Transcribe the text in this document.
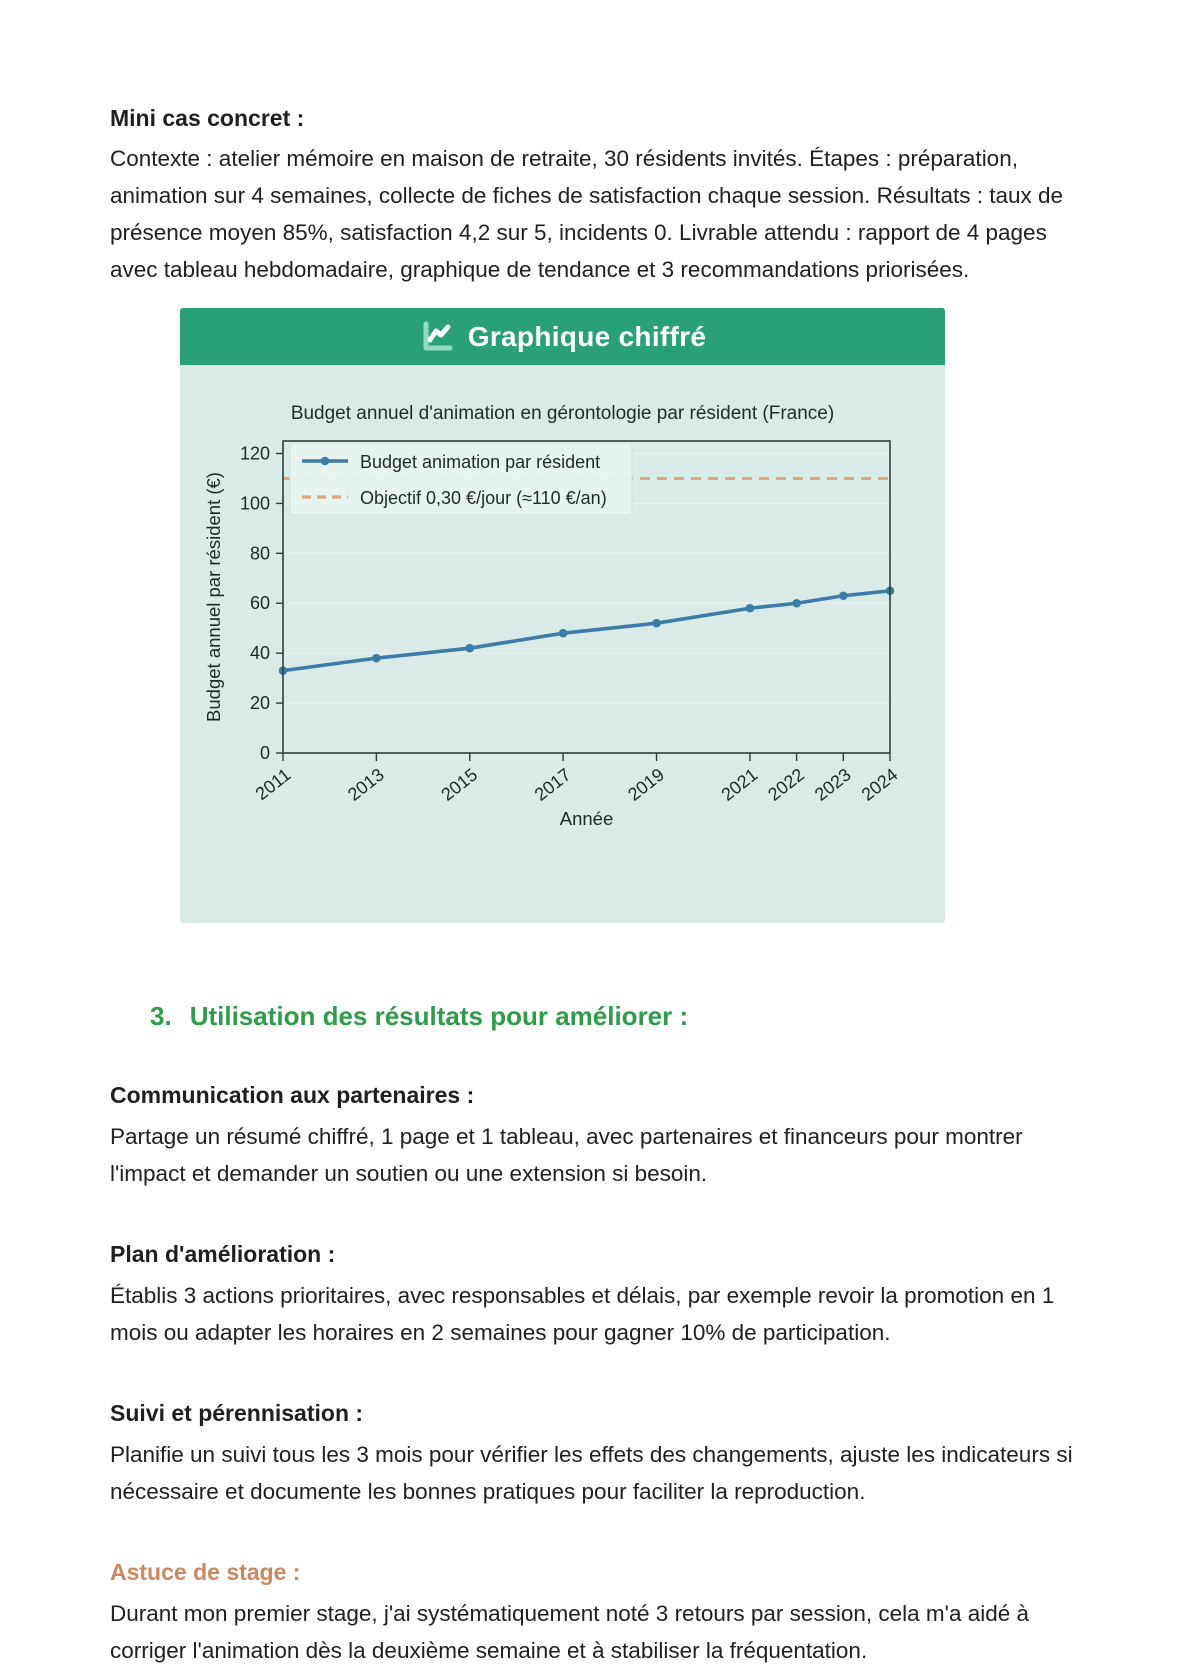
Mini cas concret :
Contexte : atelier mémoire en maison de retraite, 30 résidents invités. Étapes : préparation, animation sur 4 semaines, collecte de fiches de satisfaction chaque session. Résultats : taux de présence moyen 85%, satisfaction 4,2 sur 5, incidents 0. Livrable attendu : rapport de 4 pages avec tableau hebdomadaire, graphique de tendance et 3 recommandations priorisées.
Graphique chiffré
Budget annuel d'animation en gérontologie par résident (France)
0
20
40
60
80
100
120
2011	2013	2015	2017	2019	2021 2022 2023 2024
Année
Budget annuel par résident (€)
Budget animation par résident
Objectif 0,30 €/jour (≈110 €/an)
3. Utilisation des résultats pour améliorer :
Communication aux partenaires :
Partage un résumé chiffré, 1 page et 1 tableau, avec partenaires et financeurs pour montrer l'impact et demander un soutien ou une extension si besoin.
Plan d'amélioration :
Établis 3 actions prioritaires, avec responsables et délais, par exemple revoir la promotion en 1 mois ou adapter les horaires en 2 semaines pour gagner 10% de participation.
Suivi et pérennisation :
Planifie un suivi tous les 3 mois pour vérifier les effets des changements, ajuste les indicateurs si nécessaire et documente les bonnes pratiques pour faciliter la reproduction.
Astuce de stage :
Durant mon premier stage, j'ai systématiquement noté 3 retours par session, cela m'a aidé à corriger l'animation dès la deuxième semaine et à stabiliser la fréquentation.
